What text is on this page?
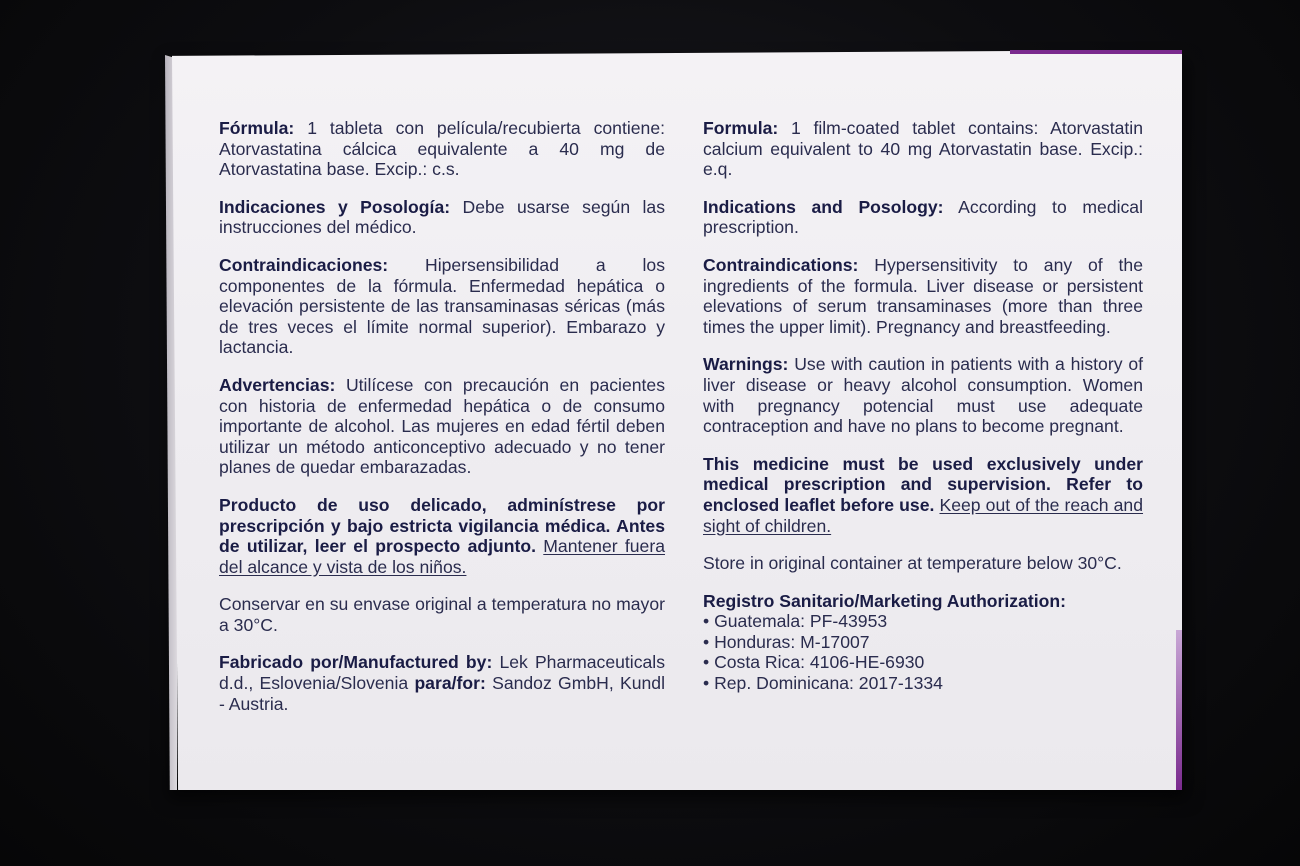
Fórmula: 1 tableta con película/recubierta contiene: Atorvastatina cálcica equivalente a 40 mg de Atorvastatina base. Excip.: c.s.

Indicaciones y Posología: Debe usarse según las instrucciones del médico.

Contraindicaciones: Hipersensibilidad a los componentes de la fórmula. Enfermedad hepática o elevación persistente de las transaminasas séricas (más de tres veces el límite normal superior). Embarazo y lactancia.

Advertencias: Utilícese con precaución en pacientes con historia de enfermedad hepática o de consumo importante de alcohol. Las mujeres en edad fértil deben utilizar un método anticonceptivo adecuado y no tener planes de quedar embarazadas.

Producto de uso delicado, adminístrese por prescripción y bajo estricta vigilancia médica. Antes de utilizar, leer el prospecto adjunto. Mantener fuera del alcance y vista de los niños.

Conservar en su envase original a temperatura no mayor a 30°C.

Fabricado por/Manufactured by: Lek Pharmaceuticals d.d., Eslovenia/Slovenia para/for: Sandoz GmbH, Kundl - Austria.

Formula: 1 film-coated tablet contains: Atorvastatin calcium equivalent to 40 mg Atorvastatin base. Excip.: e.q.

Indications and Posology: According to medical prescription.

Contraindications: Hypersensitivity to any of the ingredients of the formula. Liver disease or persistent elevations of serum transaminases (more than three times the upper limit). Pregnancy and breastfeeding.

Warnings: Use with caution in patients with a history of liver disease or heavy alcohol consumption. Women with pregnancy potencial must use adequate contraception and have no plans to become pregnant.

This medicine must be used exclusively under medical prescription and supervision. Refer to enclosed leaflet before use. Keep out of the reach and sight of children.

Store in original container at temperature below 30°C.

Registro Sanitario/Marketing Authorization:
• Guatemala: PF-43953
• Honduras: M-17007
• Costa Rica: 4106-HE-6930
• Rep. Dominicana: 2017-1334
